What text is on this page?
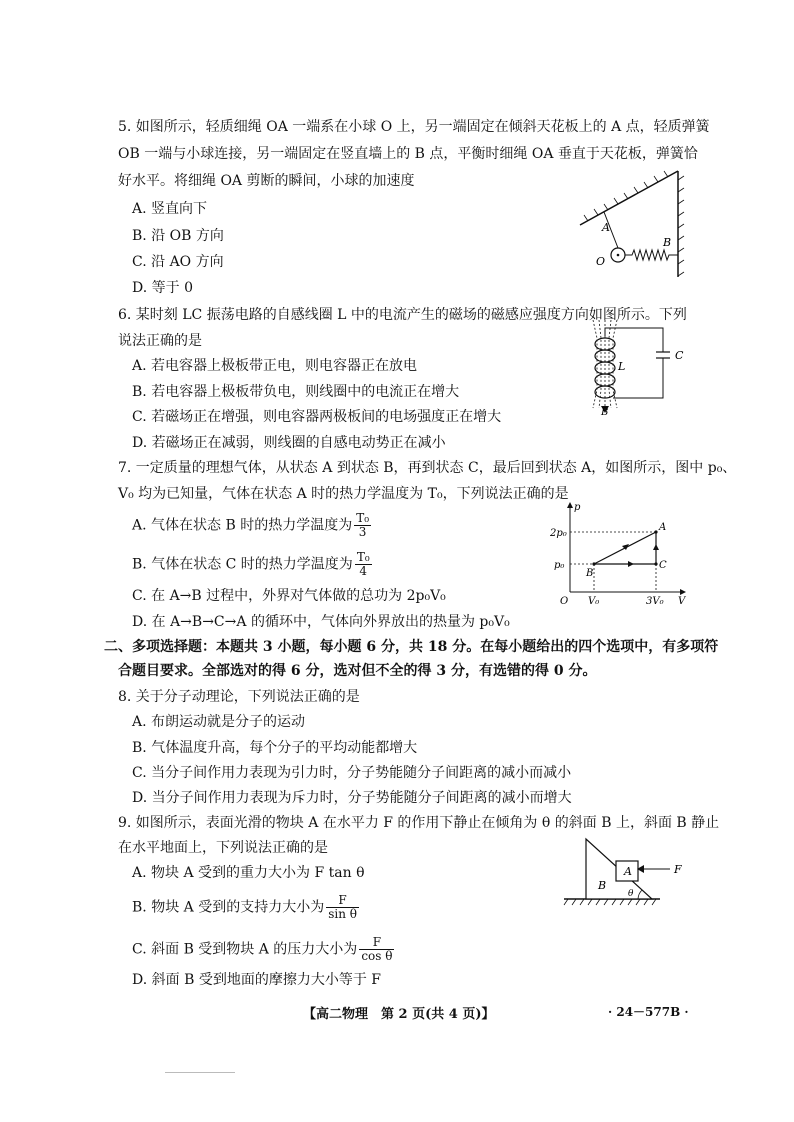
5. 如图所示，轻质细绳 OA 一端系在小球 O 上，另一端固定在倾斜天花板上的 A 点，轻质弹簧
OB 一端与小球连接，另一端固定在竖直墙上的 B 点，平衡时细绳 OA 垂直于天花板，弹簧恰
好水平。将细绳 OA 剪断的瞬间，小球的加速度
A. 竖直向下
B. 沿 OB 方向
C. 沿 AO 方向
D. 等于 0
A
B
O
6. 某时刻 LC 振荡电路的自感线圈 L 中的电流产生的磁场的磁感应强度方向如图所示。下列
说法正确的是
A. 若电容器上极板带正电，则电容器正在放电
B. 若电容器上极板带负电，则线圈中的电流正在增大
C. 若磁场正在增强，则电容器两极板间的电场强度正在增大
D. 若磁场正在减弱，则线圈的自感电动势正在减小
L
C
B
7. 一定质量的理想气体，从状态 A 到状态 B，再到状态 C，最后回到状态 A，如图所示，图中 p₀、
V₀ 均为已知量，气体在状态 A 时的热力学温度为 T₀，下列说法正确的是
A. 气体在状态 B 时的热力学温度为 $\frac{\text{T₀}}{3}$
B. 气体在状态 C 时的热力学温度为 $\frac{\text{T₀}}{4}$
C. 在 A→B 过程中，外界对气体做的总功为 2p₀V₀
D. 在 A→B→C→A 的循环中，气体向外界放出的热量为 p₀V₀
p
V
O
2p₀
p₀
V₀	3V₀
A
B
C
二、多项选择题：本题共 3 小题，每小题 6 分，共 18 分。在每小题给出的四个选项中，有多项符
合题目要求。全部选对的得 6 分，选对但不全的得 3 分，有选错的得 0 分。
8. 关于分子动理论，下列说法正确的是
A. 布朗运动就是分子的运动
B. 气体温度升高，每个分子的平均动能都增大
C. 当分子间作用力表现为引力时，分子势能随分子间距离的减小而减小
D. 当分子间作用力表现为斥力时，分子势能随分子间距离的减小而增大
9. 如图所示，表面光滑的物块 A 在水平力 F 的作用下静止在倾角为 θ 的斜面 B 上，斜面 B 静止
在水平地面上，下列说法正确的是
A. 物块 A 受到的重力大小为 F tan θ
B. 物块 A 受到的支持力大小为 $\frac{F}{\text{sin θ}}$
C. 斜面 B 受到物块 A 的压力大小为 $\frac{F}{\text{cos θ}}$
D. 斜面 B 受到地面的摩擦力大小等于 F
A
B
F
θ
【高二物理　第 2 页(共 4 页)】	· 24－577B ·
